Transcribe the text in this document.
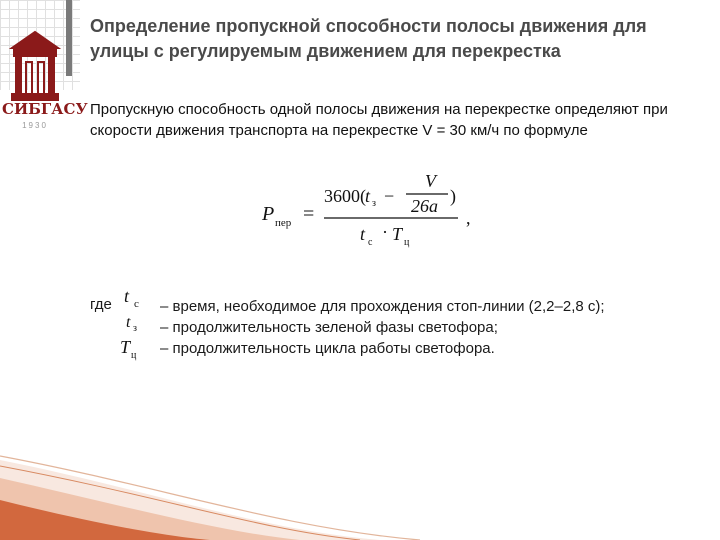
СИБГАСУ
1930
Определение пропускной способности полосы движения для улицы с регулируемым движением для перекрестка
Пропускную способность одной полосы движения на перекрестке определяют при скорости движения транспорта на перекрестке V = 30 км/ч по формуле
P пер =
3600( t з −
V
26a )
t с
· T ц
,
где t с
t з
T ц
– время, необходимое для прохождения стоп-линии (2,2–2,8 с);
– продолжительность зеленой фазы светофора;
– продолжительность цикла работы светофора.
